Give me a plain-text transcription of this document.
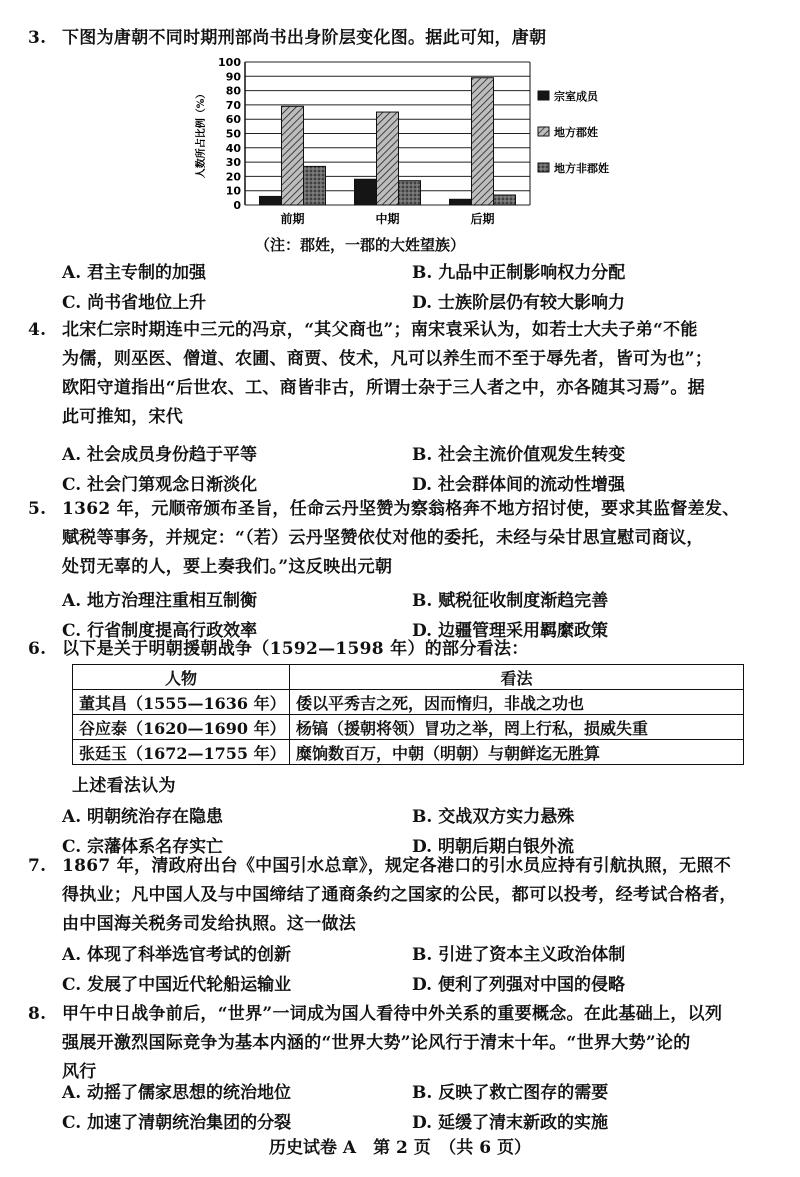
3. 下图为唐朝不同时期刑部尚书出身阶层变化图。据此可知，唐朝
0
10
20
30
40
50
60
70
80
90
100
人数所占比例（%）
前期	中期	后期
宗室成员
地方郡姓
地方非郡姓
（注：郡姓，一郡的大姓望族）
A. 君主专制的加强	B. 九品中正制影响权力分配
C. 尚书省地位上升	D. 士族阶层仍有较大影响力
4. 北宋仁宗时期连中三元的冯京，“其父商也”；南宋袁采认为，如若士大夫子弟“不能
为儒，则巫医、僧道、农圃、商贾、伎术，凡可以养生而不至于辱先者，皆可为也”；
欧阳守道指出“后世农、工、商皆非古，所谓士杂于三人者之中，亦各随其习焉”。据
此可推知，宋代
A. 社会成员身份趋于平等	B. 社会主流价值观发生转变
C. 社会门第观念日渐淡化	D. 社会群体间的流动性增强
5. 1362 年，元顺帝颁布圣旨，任命云丹坚赞为察翁格奔不地方招讨使，要求其监督差发、
赋税等事务，并规定：“（若）云丹坚赞依仗对他的委托，未经与朵甘思宣慰司商议，
处罚无辜的人，要上奏我们。”这反映出元朝
A. 地方治理注重相互制衡	B. 赋税征收制度渐趋完善
C. 行省制度提高行政效率	D. 边疆管理采用羁縻政策
6. 以下是关于明朝援朝战争（1592—1598 年）的部分看法：
人物	看法
董其昌（1555—1636 年）	倭以平秀吉之死，因而惰归，非战之功也
谷应泰（1620—1690 年）	杨镐（援朝将领）冒功之举，罔上行私，损威失重
张廷玉（1672—1755 年）	糜饷数百万，中朝（明朝）与朝鲜迄无胜算
上述看法认为
A. 明朝统治存在隐患	B. 交战双方实力悬殊
C. 宗藩体系名存实亡	D. 明朝后期白银外流
7. 1867 年，清政府出台《中国引水总章》，规定各港口的引水员应持有引航执照，无照不
得执业；凡中国人及与中国缔结了通商条约之国家的公民，都可以投考，经考试合格者，
由中国海关税务司发给执照。这一做法
A. 体现了科举选官考试的创新	B. 引进了资本主义政治体制
C. 发展了中国近代轮船运输业	D. 便利了列强对中国的侵略
8. 甲午中日战争前后，“世界”一词成为国人看待中外关系的重要概念。在此基础上，以列
强展开激烈国际竞争为基本内涵的“世界大势”论风行于清末十年。“世界大势”论的
风行
A. 动摇了儒家思想的统治地位	B. 反映了救亡图存的需要
C. 加速了清朝统治集团的分裂	D. 延缓了清末新政的实施
历史试卷 A　第 2 页　（共 6 页）
